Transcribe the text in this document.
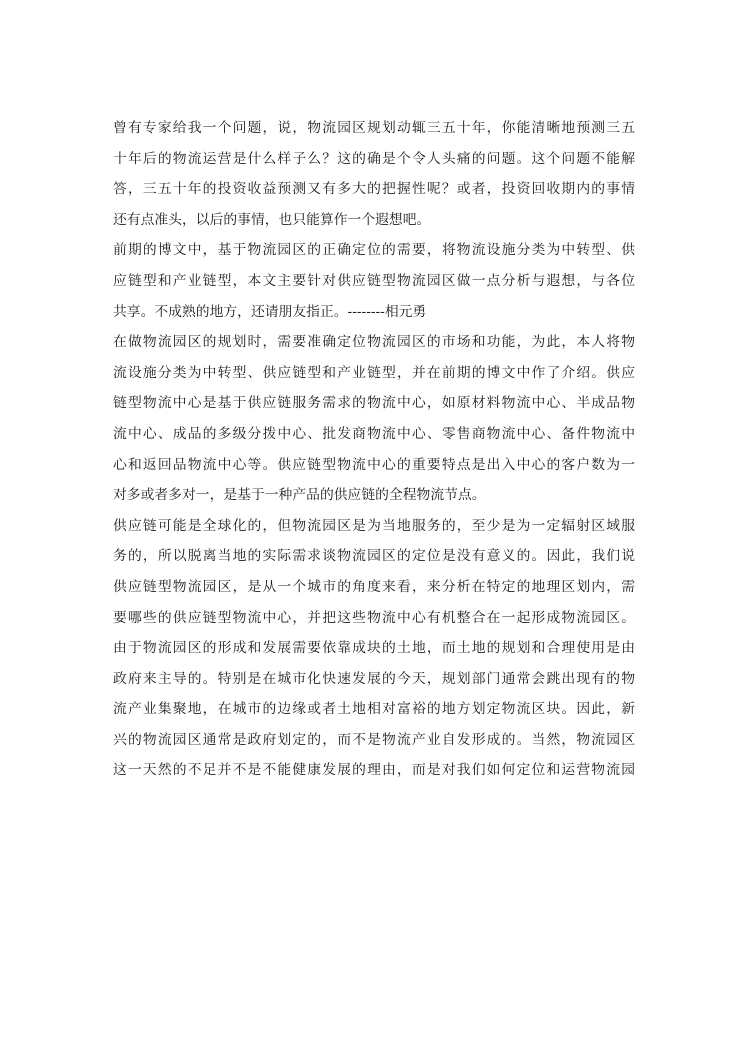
曾有专家给我一个问题，说，物流园区规划动辄三五十年，你能清晰地预测三五
十年后的物流运营是什么样子么？这的确是个令人头痛的问题。这个问题不能解
答，三五十年的投资收益预测又有多大的把握性呢？或者，投资回收期内的事情
还有点准头，以后的事情，也只能算作一个遐想吧。
前期的博文中，基于物流园区的正确定位的需要，将物流设施分类为中转型、供
应链型和产业链型，本文主要针对供应链型物流园区做一点分析与遐想，与各位
共享。不成熟的地方，还请朋友指正。--------相元勇
在做物流园区的规划时，需要准确定位物流园区的市场和功能，为此，本人将物
流设施分类为中转型、供应链型和产业链型，并在前期的博文中作了介绍。供应
链型物流中心是基于供应链服务需求的物流中心，如原材料物流中心、半成品物
流中心、成品的多级分拨中心、批发商物流中心、零售商物流中心、备件物流中
心和返回品物流中心等。供应链型物流中心的重要特点是出入中心的客户数为一
对多或者多对一，是基于一种产品的供应链的全程物流节点。
供应链可能是全球化的，但物流园区是为当地服务的，至少是为一定辐射区域服
务的，所以脱离当地的实际需求谈物流园区的定位是没有意义的。因此，我们说
供应链型物流园区，是从一个城市的角度来看，来分析在特定的地理区划内，需
要哪些的供应链型物流中心，并把这些物流中心有机整合在一起形成物流园区。
由于物流园区的形成和发展需要依靠成块的土地，而土地的规划和合理使用是由
政府来主导的。特别是在城市化快速发展的今天，规划部门通常会跳出现有的物
流产业集聚地，在城市的边缘或者土地相对富裕的地方划定物流区块。因此，新
兴的物流园区通常是政府划定的，而不是物流产业自发形成的。当然，物流园区
这一天然的不足并不是不能健康发展的理由，而是对我们如何定位和运营物流园
